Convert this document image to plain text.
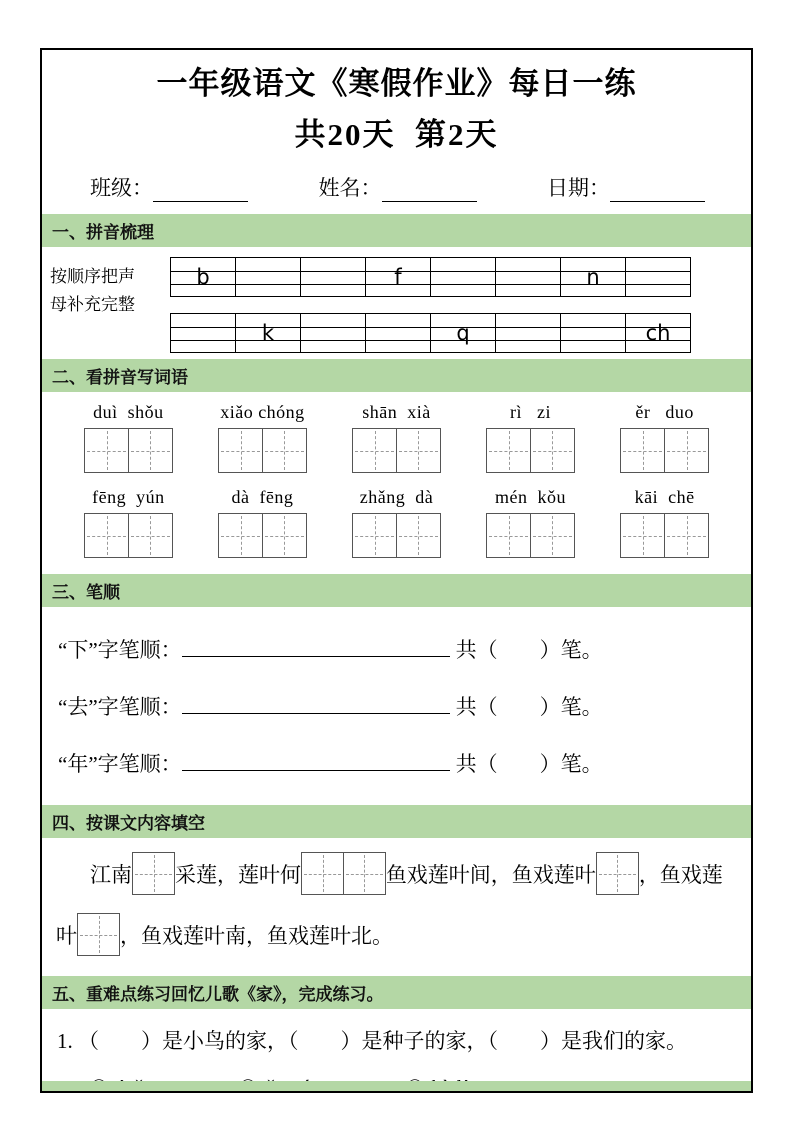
一年级语文《寒假作业》每日一练
共20天  第2天
班级：	姓名：	日期：
一、拼音梳理
按顺序把声
母补充完整
b	f	n
k	q	ch
二、看拼音写词语
duì  shǒu	xiǎo chóng	shān  xià	rì   zi	ěr   duo
fēng  yún	dà  fēng	zhǎng  dà	mén  kǒu	kāi  chē
三、笔顺
“下”字笔顺：	共（　　）笔。
“去”字笔顺：	共（　　）笔。
“年”字笔顺：	共（　　）笔。
四、按课文内容填空
江南 采莲，莲叶何	鱼戏莲叶间，鱼戏莲叶 ，鱼戏莲
叶 ，鱼戏莲叶南，鱼戏莲叶北。
五、重难点练习回忆儿歌《家》，完成练习。
1. （　　）是小鸟的家，（　　）是种子的家，（　　）是我们的家。
